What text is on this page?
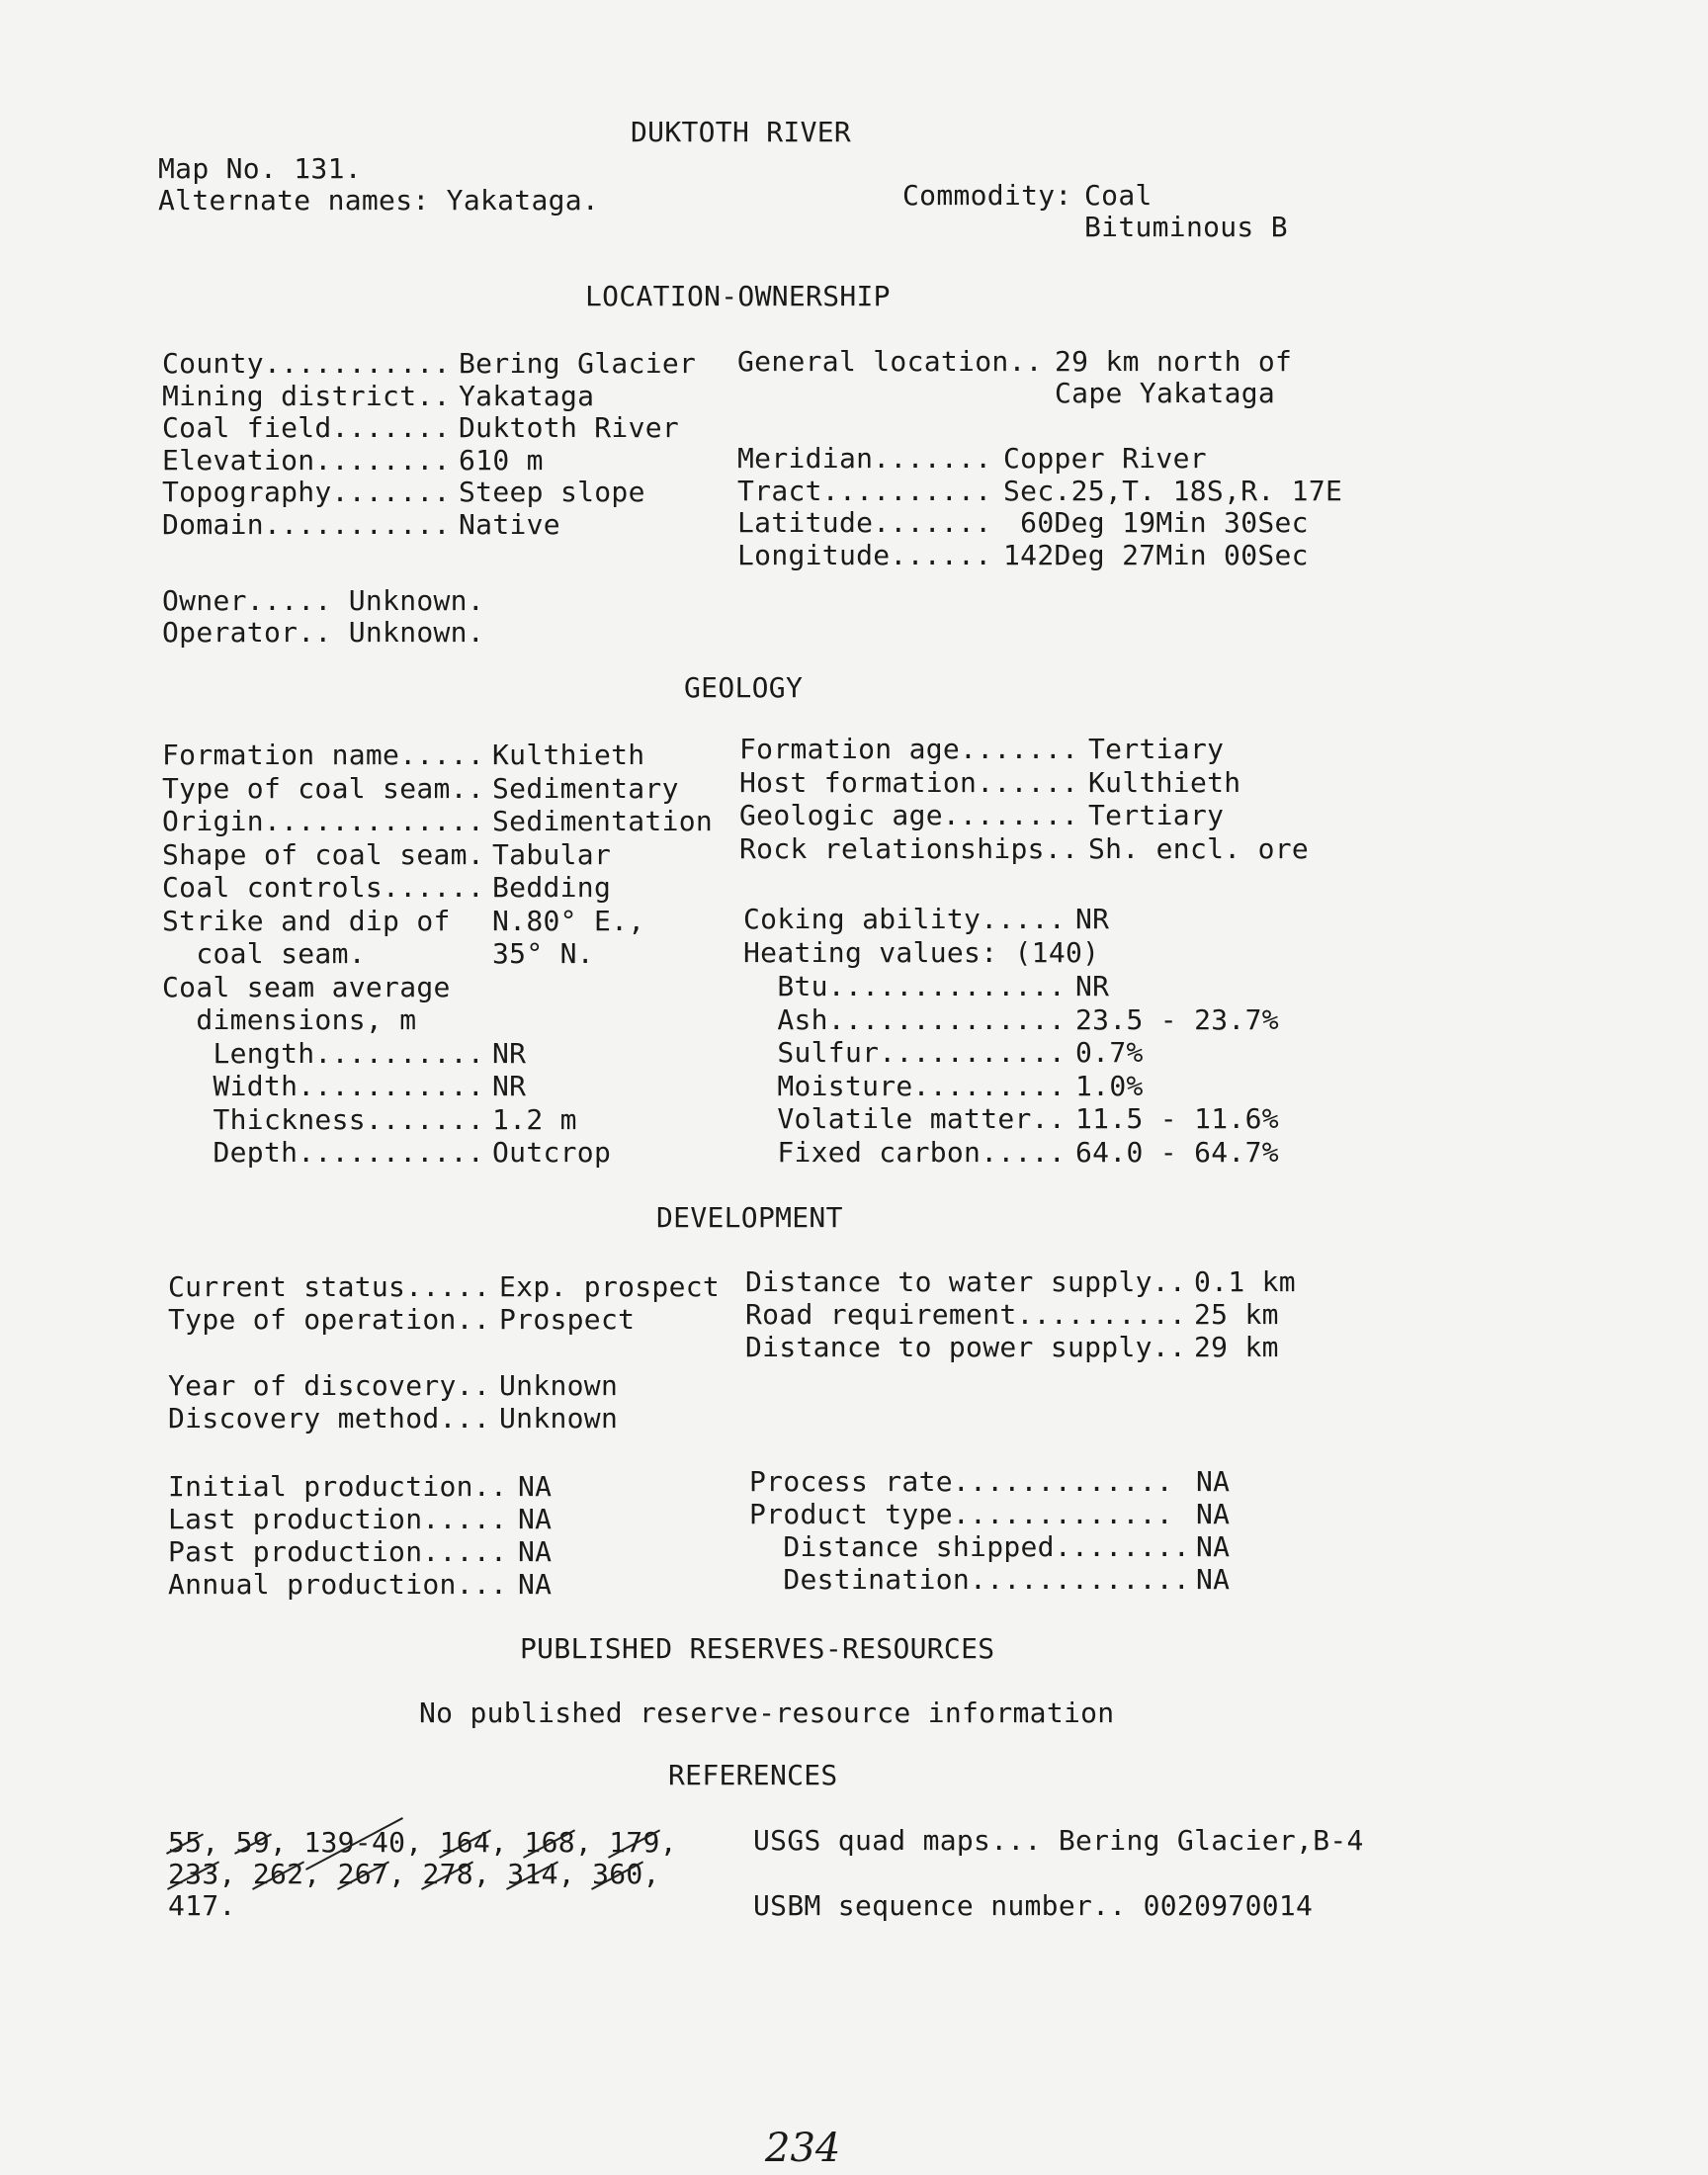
DUKTOTH RIVER
Map No. 131.
Alternate names: Yakataga.	Commodity: Coal
Bituminous B
LOCATION-OWNERSHIP
County........... Bering Glacier
Mining district.. Yakataga
Coal field....... Duktoth River
Elevation........ 610 m
Topography....... Steep slope
Domain........... Native
General location.. 29 km north of
Cape Yakataga
Meridian....... Copper River
Tract.......... Sec.25,T. 18S,R. 17E
Latitude....... 60Deg 19Min 30Sec
Longitude...... 142Deg 27Min 00Sec
Owner..... Unknown.
Operator.. Unknown.
GEOLOGY
Formation name..... Kulthieth
Type of coal seam.. Sedimentary
Origin............. Sedimentation
Shape of coal seam. Tabular
Coal controls...... Bedding
Strike and dip of N.80° E.,
coal seam. 35° N.
Coal seam average
dimensions, m
Length.......... NR
Width........... NR
Thickness....... 1.2 m
Depth........... Outcrop
Formation age....... Tertiary
Host formation...... Kulthieth
Geologic age........ Tertiary
Rock relationships.. Sh. encl. ore
Coking ability..... NR
Heating values: (140)
Btu.............. NR
Ash.............. 23.5 - 23.7%
Sulfur........... 0.7%
Moisture......... 1.0%
Volatile matter.. 11.5 - 11.6%
Fixed carbon..... 64.0 - 64.7%
DEVELOPMENT
Current status..... Exp. prospect
Type of operation.. Prospect
Year of discovery.. Unknown
Discovery method... Unknown
Initial production.. NA
Last production..... NA
Past production..... NA
Annual production... NA
Distance to water supply.. 0.1 km
Road requirement.......... 25 km
Distance to power supply.. 29 km
Process rate............. NA
Product type............. NA
Distance shipped........ NA
Destination............. NA
PUBLISHED RESERVES-RESOURCES
No published reserve-resource information
REFERENCES
55, 59, 139-40, 164, 168, 179,
233, 262, 267, 278, 314, 360,
417.
USGS quad maps... Bering Glacier,B-4
USBM sequence number.. 0020970014
234
